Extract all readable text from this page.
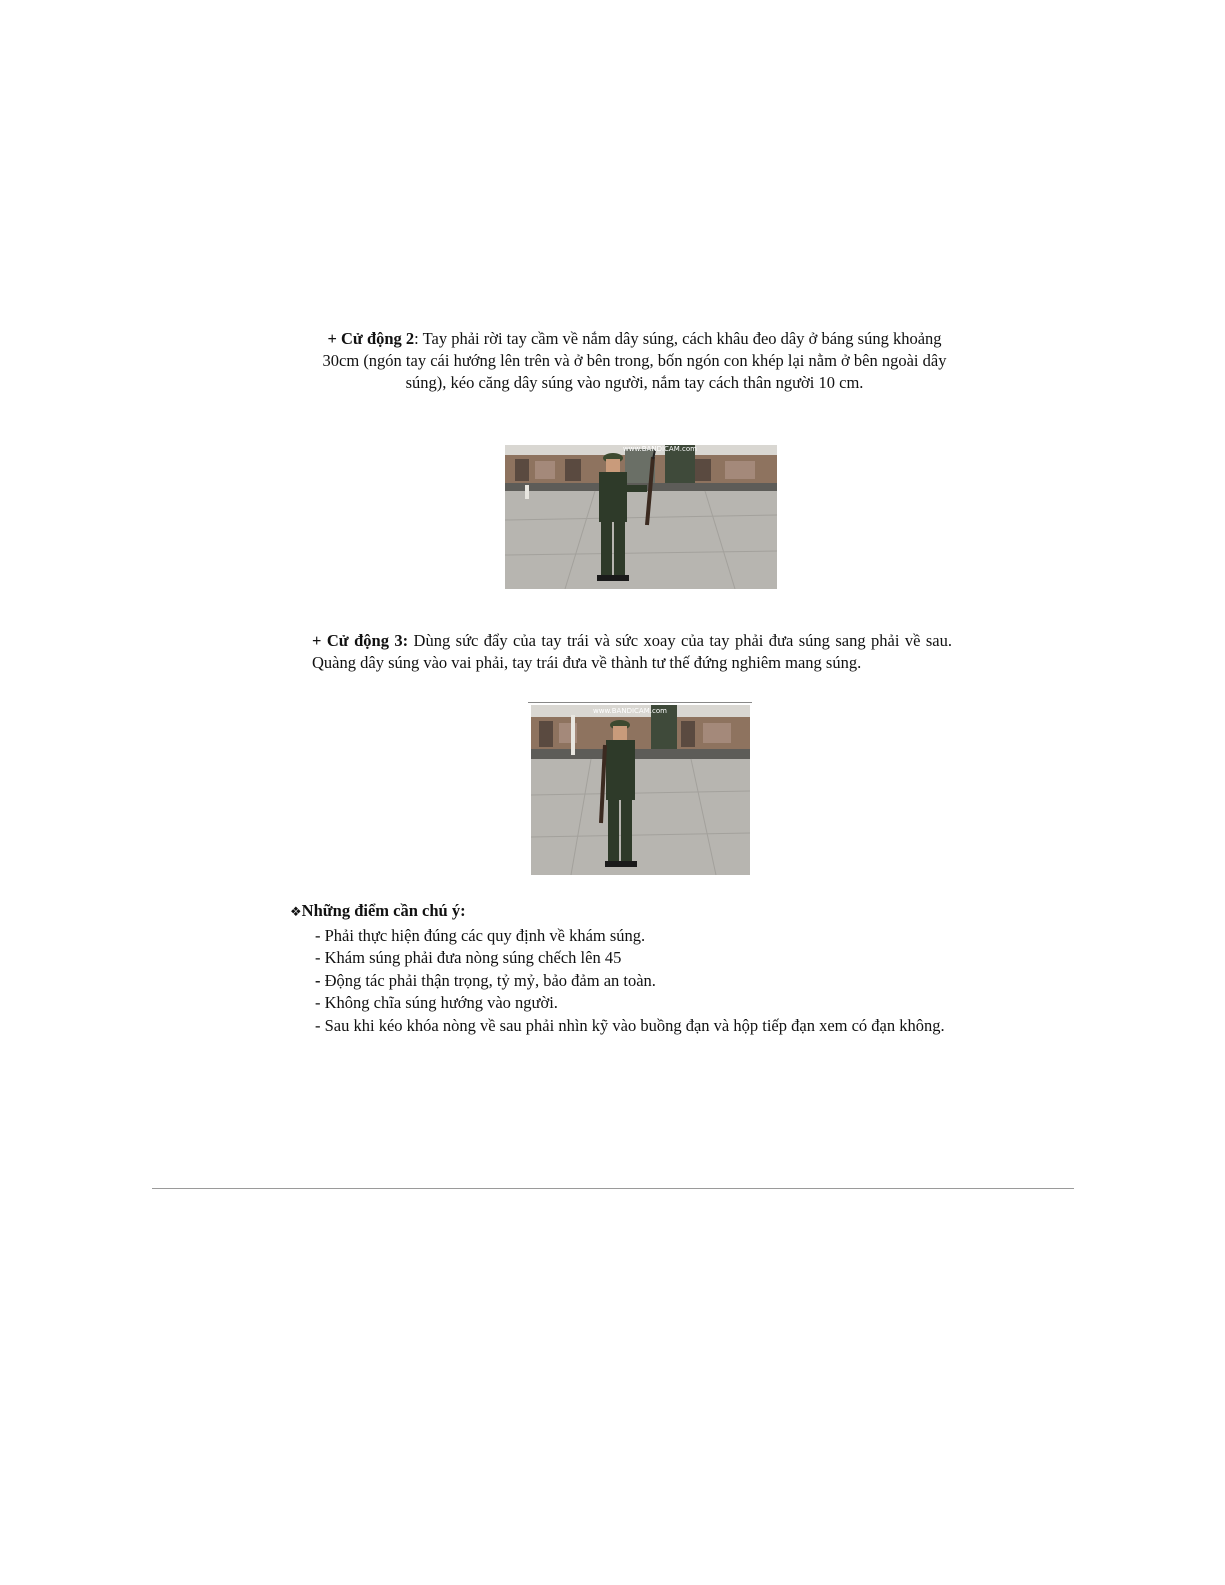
+ Cử động 2: Tay phải rời tay cầm về nắm dây súng, cách khâu đeo dây ở báng súng khoảng 30cm (ngón tay cái hướng lên trên và ở bên trong, bốn ngón con khép lại nằm ở bên ngoài dây súng), kéo căng dây súng vào người, nắm tay cách thân người 10 cm.
www.BANDICAM.com
+ Cử động 3: Dùng sức đẩy của tay trái và sức xoay của tay phải đưa súng sang phải về sau. Quàng dây súng vào vai phải, tay trái đưa về thành tư thế đứng nghiêm mang súng.
www.BANDICAM.com
❖Những điểm cần chú ý:
- Phải thực hiện đúng các quy định về khám súng.
- Khám súng phải đưa nòng súng chếch lên 45
- Động tác phải thận trọng, tỷ mỷ, bảo đảm an toàn.
- Không chĩa súng hướng vào người.
- Sau khi kéo khóa nòng về sau phải nhìn kỹ vào buồng đạn và hộp tiếp đạn xem có đạn không.
